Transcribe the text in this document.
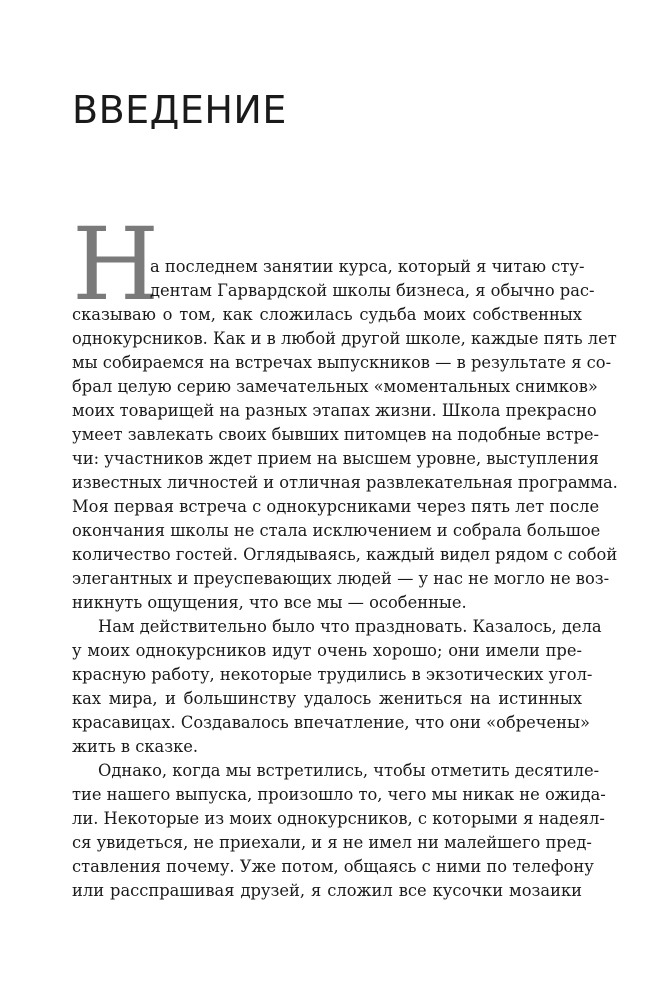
ВВЕДЕНИЕ
Н
а последнем занятии курса, который я читаю сту-
дентам Гарвардской школы бизнеса, я обычно рас-
сказываю о том, как сложилась судьба моих собственных
однокурсников. Как и в любой другой школе, каждые пять лет
мы собираемся на встречах выпускников — в результате я со-
брал целую серию замечательных «моментальных снимков»
моих товарищей на разных этапах жизни. Школа прекрасно
умеет завлекать своих бывших питомцев на подобные встре-
чи: участников ждет прием на высшем уровне, выступления
известных личностей и отличная развлекательная программа.
Моя первая встреча с однокурсниками через пять лет после
окончания школы не стала исключением и собрала большое
количество гостей. Оглядываясь, каждый видел рядом с собой
элегантных и преуспевающих людей — у нас не могло не воз-
никнуть ощущения, что все мы — особенные.
Нам действительно было что праздновать. Казалось, дела
у моих однокурсников идут очень хорошо; они имели пре-
красную работу, некоторые трудились в экзотических угол-
ках мира, и большинству удалось жениться на истинных
красавицах. Создавалось впечатление, что они «обречены»
жить в сказке.
Однако, когда мы встретились, чтобы отметить десятиле-
тие нашего выпуска, произошло то, чего мы никак не ожида-
ли. Некоторые из моих однокурсников, с которыми я надеял-
ся увидеться, не приехали, и я не имел ни малейшего пред-
ставления почему. Уже потом, общаясь с ними по телефону
или расспрашивая друзей, я сложил все кусочки мозаики
